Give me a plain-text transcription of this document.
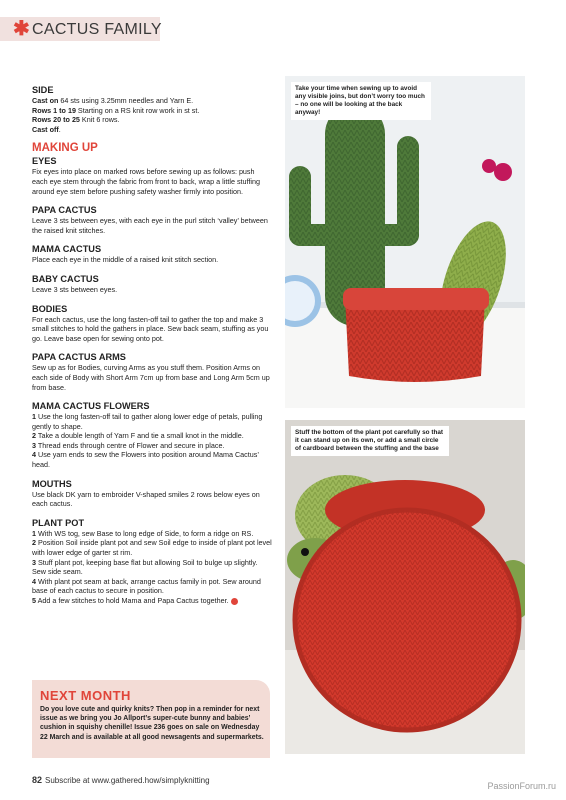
✱ CACTUS FAMILY

SIDE

Cast on 64 sts using 3.25mm needles and Yarn E.

Rows 1 to 19 Starting on a RS knit row work in st st.

Rows 20 to 25 Knit 6 rows.

Cast off.

MAKING UP

EYES

Fix eyes into place on marked rows before sewing up as follows: push each eye stem through the fabric from front to back, wrap a little stuffing around eye stem before pushing safety washer firmly into position.

PAPA CACTUS

Leave 3 sts between eyes, with each eye in the purl stitch ‘valley’ between the raised knit stitches.

MAMA CACTUS

Place each eye in the middle of a raised knit stitch section.

BABY CACTUS

Leave 3 sts between eyes.

BODIES

For each cactus, use the long fasten-off tail to gather the top and make 3 small stitches to hold the gathers in place. Sew back seam, stuffing as you go. Leave base open for sewing onto pot.

PAPA CACTUS ARMS

Sew up as for Bodies, curving Arms as you stuff them. Position Arms on each side of Body with Short Arm 7cm up from base and Long Arm 5cm up from base.

MAMA CACTUS FLOWERS

1 Use the long fasten-off tail to gather along lower edge of petals, pulling gently to shape.

2 Take a double length of Yarn F and tie a small knot in the middle.

3 Thread ends through centre of Flower and secure in place.

4 Use yarn ends to sew the Flowers into position around Mama Cactus’ head.

MOUTHS

Use black DK yarn to embroider V-shaped smiles 2 rows below eyes on each cactus.

PLANT POT

1 With WS tog, sew Base to long edge of Side, to form a ridge on RS.

2 Position Soil inside plant pot and sew Soil edge to inside of plant pot level with lower edge of garter st rim.

3 Stuff plant pot, keeping base flat but allowing Soil to bulge up slightly. Sew side seam.

4 With plant pot seam at back, arrange cactus family in pot. Sew around base of each cactus to secure in position.

5 Add a few stitches to hold Mama and Papa Cactus together.

NEXT MONTH
Do you love cute and quirky knits? Then pop in a reminder for next issue as we bring you Jo Allport’s super-cute bunny and babies’ cushion in squishy chenille! Issue 236 goes on sale on Wednesday 22 March and is available at all good newsagents and supermarkets.
Take your time when sewing up to avoid any visible joins, but don’t worry too much – no one will be looking at the back anyway!
Stuff the bottom of the plant pot carefully so that it can stand up on its own, or add a small circle of cardboard between the stuffing and the base
82 Subscribe at www.gathered.how/simplyknitting
PassionForum.ru
